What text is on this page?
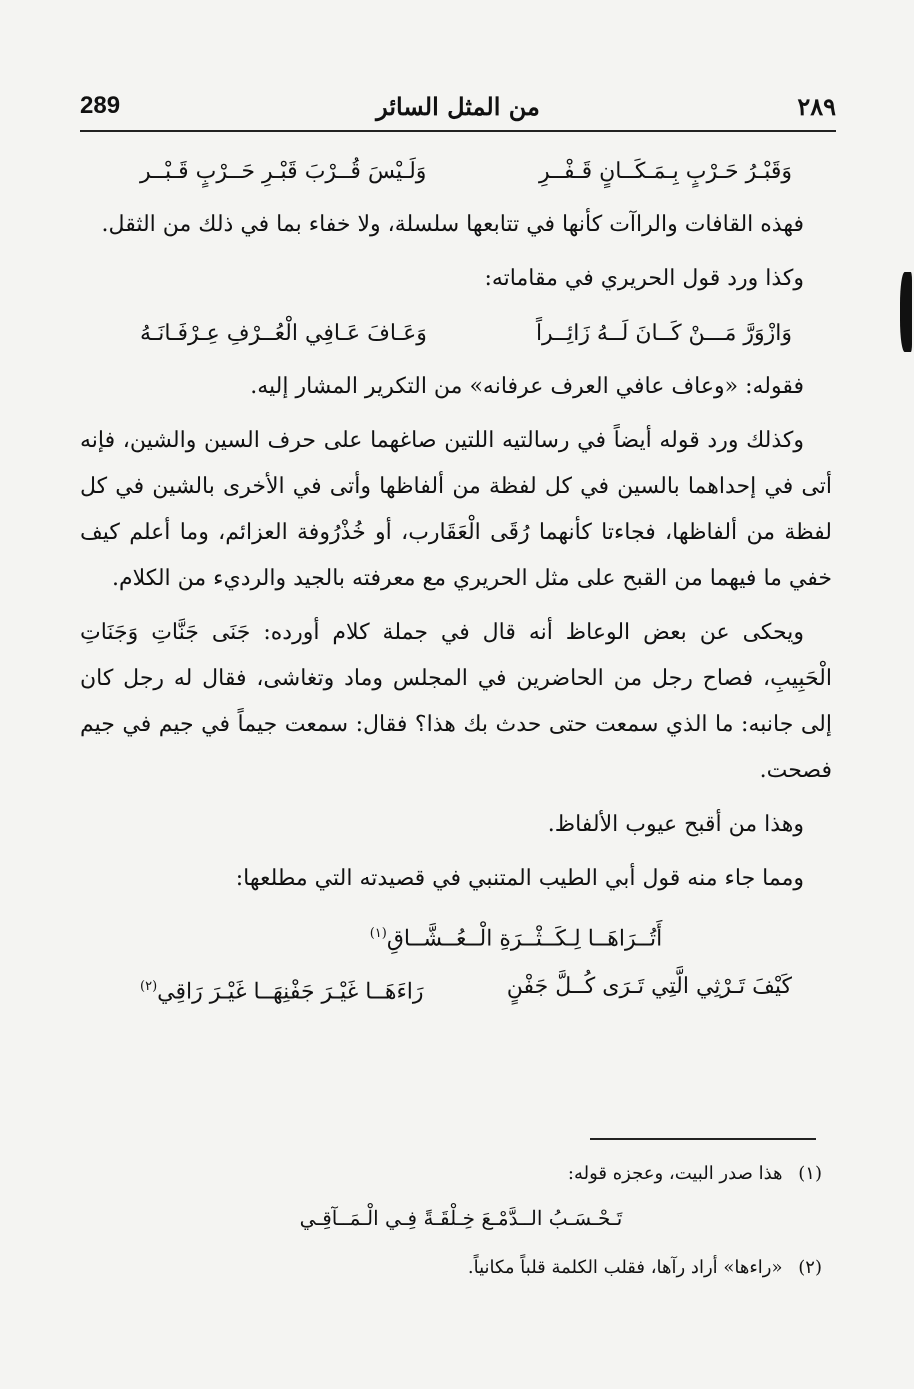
289	من المثل السائر	٢٨٩
وَقَبْـرُ حَـرْبٍ بِـمَـكَــانٍ قَـفْــرِ
وَلَـيْسَ قُــرْبَ قَبْـرِ حَــرْبٍ قَـبْــر

فهذه القافات والراآت كأنها في تتابعها سلسلة، ولا خفاء بما في ذلك من الثقل.

وكذا ورد قول الحريري في مقاماته:

وَازْوَرَّ مَـــنْ كَــانَ لَــهُ زَائِــراً
وَعَـافَ عَـافِي الْعُــرْفِ عِـرْفَـانَـهُ

فقوله: «وعاف عافي العرف عرفانه» من التكرير المشار إليه.

وكذلك ورد قوله أيضاً في رسالتيه اللتين صاغهما على حرف السين والشين، فإنه أتى في إحداهما بالسين في كل لفظة من ألفاظها وأتى في الأخرى بالشين في كل لفظة من ألفاظها، فجاءتا كأنهما رُقَى الْعَقَارب، أو خُذْرُوفة العزائم، وما أعلم كيف خفي ما فيهما من القبح على مثل الحريري مع معرفته بالجيد والرديء من الكلام.

ويحكى عن بعض الوعاظ أنه قال في جملة كلام أورده: جَنَى جَنَّاتِ وَجَنَاتِ الْحَبِيبِ، فصاح رجل من الحاضرين في المجلس وماد وتغاشى، فقال له رجل كان إلى جانبه: ما الذي سمعت حتى حدث بك هذا؟ فقال: سمعت جيماً في جيم في جيم فصحت.

وهذا من أقبح عيوب الألفاظ.

ومما جاء منه قول أبي الطيب المتنبي في قصيدته التي مطلعها:

أَتُــرَاهَــا لِـكَــثْــرَةِ الْــعُــشَّــاقِ$^{(١)}$
كَيْفَ تَـرْثِي الَّتِي تَـرَى كُــلَّ جَفْنٍ
رَاءَهَــا غَيْـرَ جَفْنِهَــا غَيْـرَ رَاقِي$^{(٢)}$
(١) هذا صدر البيت، وعجزه قوله:
تَـحْـسَـبُ الــدَّمْـعَ خِـلْقَـةً فِـي الْـمَــآقِـي
(٢) «راءها» أراد رآها، فقلب الكلمة قلباً مكانياً.
